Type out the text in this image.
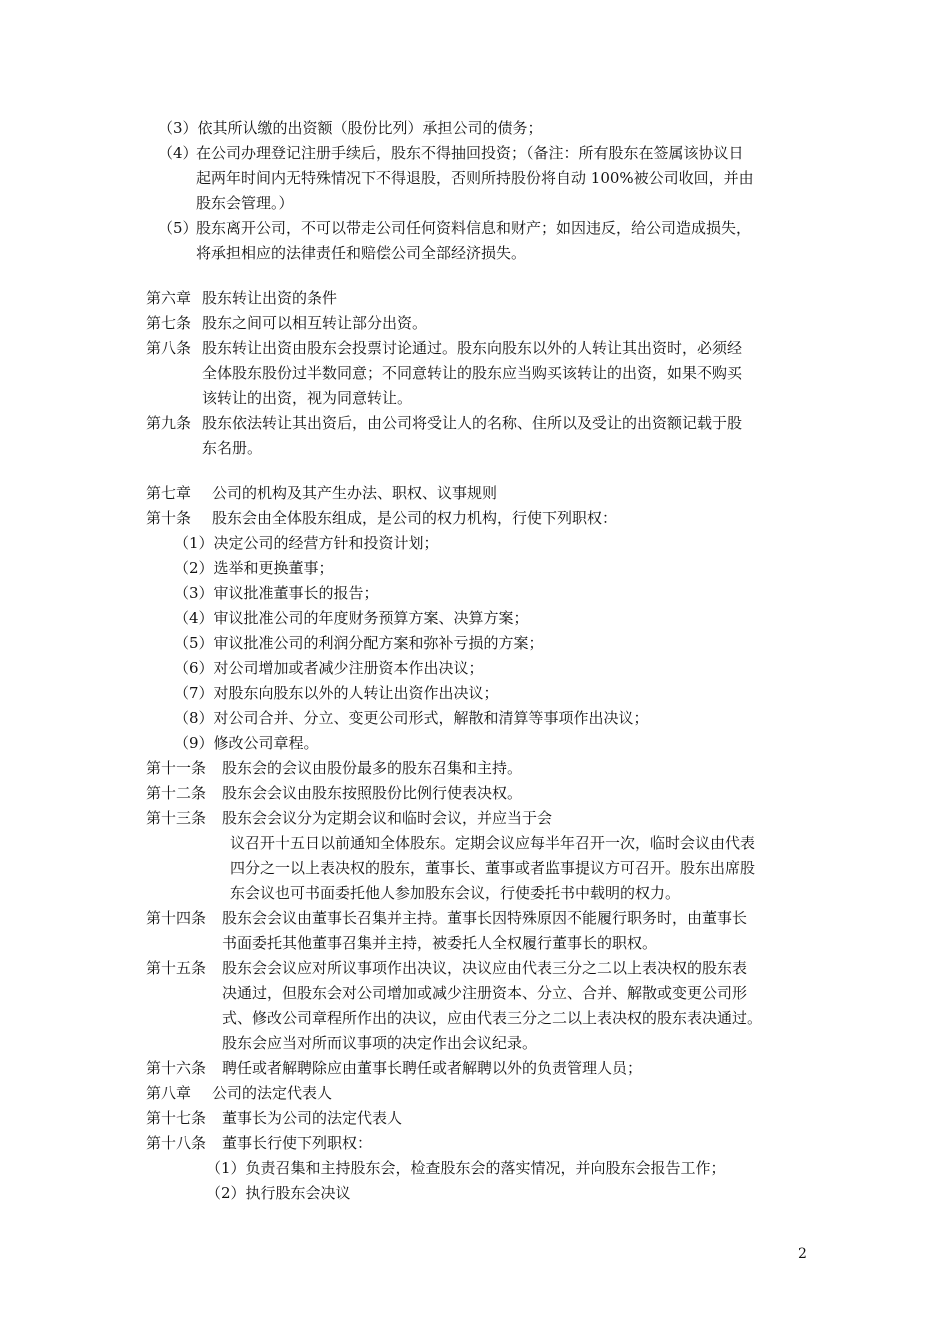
（3）依其所认缴的出资额（股份比列）承担公司的债务；
（4）
在公司办理登记注册手续后，股东不得抽回投资；（备注：所有股东在签属该协议日
起两年时间内无特殊情况下不得退股，否则所持股份将自动 100%被公司收回，并由
股东会管理。）
（5）
股东离开公司，不可以带走公司任何资料信息和财产；如因违反，给公司造成损失，
将承担相应的法律责任和赔偿公司全部经济损失。
第六章 股东转让出资的条件
第七条 股东之间可以相互转让部分出资。
第八条 股东转让出资由股东会投票讨论通过。股东向股东以外的人转让其出资时，必须经
全体股东股份过半数同意；不同意转让的股东应当购买该转让的出资，如果不购买
该转让的出资，视为同意转让。
第九条 股东依法转让其出资后，由公司将受让人的名称、住所以及受让的出资额记载于股
东名册。
第七章 公司的机构及其产生办法、职权、议事规则
第十条 股东会由全体股东组成，是公司的权力机构，行使下列职权：
（1）决定公司的经营方针和投资计划；
（2）选举和更换董事；
（3）审议批准董事长的报告；
（4）审议批准公司的年度财务预算方案、决算方案；
（5）审议批准公司的利润分配方案和弥补亏损的方案；
（6）对公司增加或者减少注册资本作出决议；
（7）对股东向股东以外的人转让出资作出决议；
（8）对公司合并、分立、变更公司形式，解散和清算等事项作出决议；
（9）修改公司章程。
第十一条 股东会的会议由股份最多的股东召集和主持。
第十二条 股东会会议由股东按照股份比例行使表决权。
第十三条 股东会会议分为定期会议和临时会议，并应当于会
议召开十五日以前通知全体股东。定期会议应每半年召开一次，临时会议由代表
四分之一以上表决权的股东，董事长、董事或者监事提议方可召开。股东出席股
东会议也可书面委托他人参加股东会议，行使委托书中载明的权力。
第十四条 股东会会议由董事长召集并主持。董事长因特殊原因不能履行职务时，由董事长
书面委托其他董事召集并主持，被委托人全权履行董事长的职权。
第十五条 股东会会议应对所议事项作出决议，决议应由代表三分之二以上表决权的股东表
决通过，但股东会对公司增加或减少注册资本、分立、合并、解散或变更公司形
式、修改公司章程所作出的决议，应由代表三分之二以上表决权的股东表决通过。
股东会应当对所而议事项的决定作出会议纪录。
第十六条 聘任或者解聘除应由董事长聘任或者解聘以外的负责管理人员；
第八章 公司的法定代表人
第十七条 董事长为公司的法定代表人
第十八条 董事长行使下列职权：
（1）负责召集和主持股东会，检查股东会的落实情况，并向股东会报告工作；
（2）执行股东会决议
2
